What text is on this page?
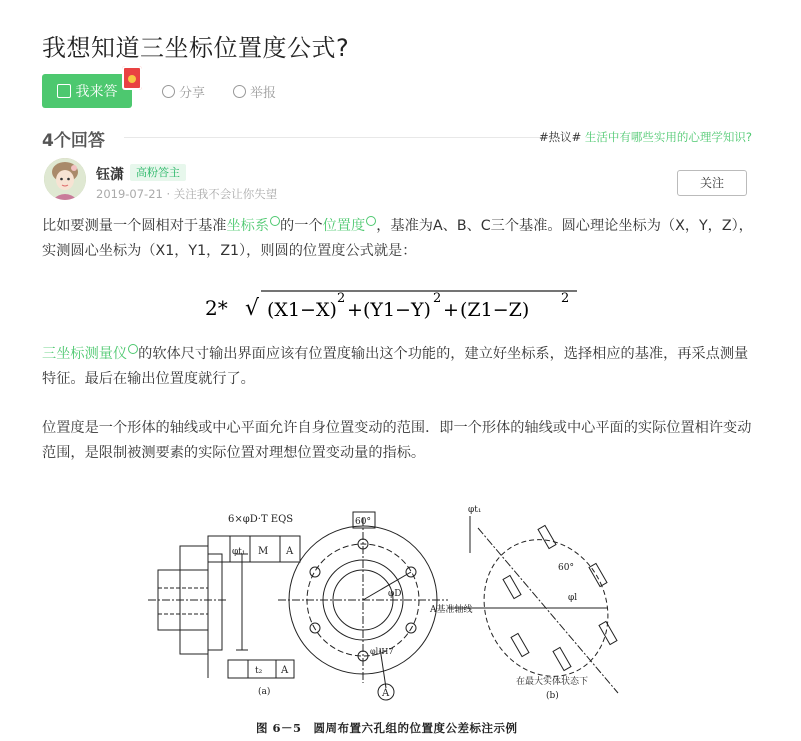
我想知道三坐标位置度公式?
我来答	分享	举报
4个回答	#热议# 生活中有哪些实用的心理学知识?
钰潇	高粉答主
2019-07-21 · 关注我不会让你失望
关注
比如要测量一个圆相对于基准坐标系 的一个位置度 ，基准为A、B、C三个基准。圆心理论坐标为（X，Y，Z），实测圆心坐标为（X1，Y1，Z1），则圆的位置度公式就是：
2* √ (X1−X)
2
+ (Y1−Y)
2
+ (Z1−Z)
2
三坐标测量仪 的软体尺寸输出界面应该有位置度输出这个功能的，建立好坐标系，选择相应的基准，再采点测量特征。最后在输出位置度就行了。
位置度是一个形体的轴线或中心平面允许自身位置变动的范围．即一个形体的轴线或中心平面的实际位置相许变动范围，是限制被测要素的实际位置对理想位置变动量的指标。
6×φD·T EQS
φt₁ M A
t₂ A
60°
φD
φl₁H7
A
(a)
φt₁
60°
φl
A基准轴线
在最大实体状态下
(b)
图 6－5　圆周布置六孔组的位置度公差标注示例
